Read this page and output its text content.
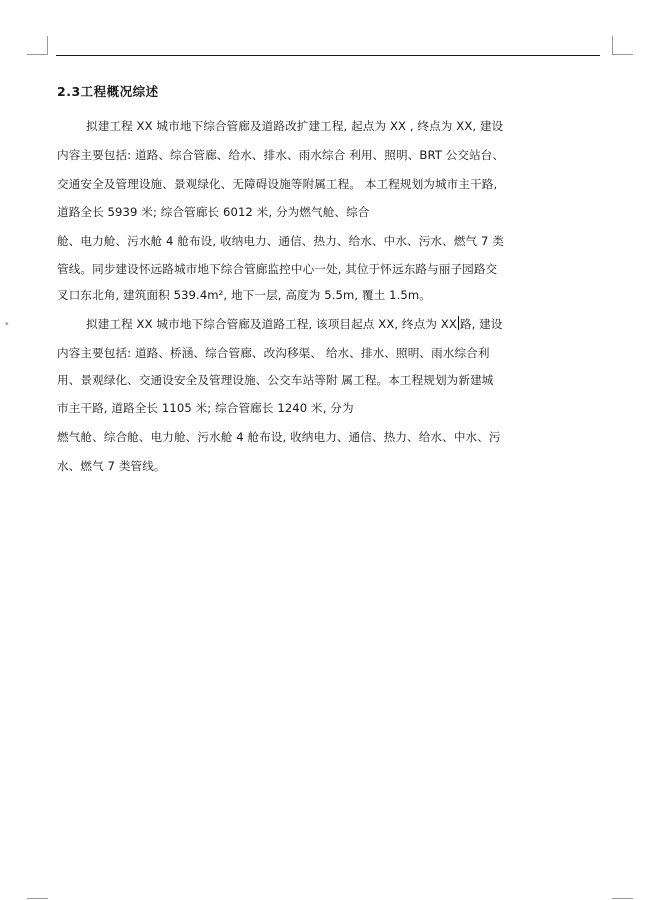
▾
2.3工程概况综述
拟建工程 XX 城市地下综合管廊及道路改扩建工程, 起点为 XX , 终点为 XX, 建设
内容主要包括: 道路、综合管廊、给水、排水、雨水综合 利用、照明、BRT 公交站台、
交通安全及管理设施、景观绿化、无障碍设施等附属工程。 本工程规划为城市主干路,
道路全长 5939 米; 综合管廊长 6012 米, 分为燃气舱、综合
舱、电力舱、污水舱 4 舱布设, 收纳电力、通信、热力、给水、中水、污水、燃气 7 类
管线。同步建设怀远路城市地下综合管廊监控中心一处, 其位于怀远东路与丽子园路交
叉口东北角, 建筑面积 539.4m², 地下一层, 高度为 5.5m, 覆土 1.5m。
拟建工程 XX 城市地下综合管廊及道路工程, 该项目起点 XX, 终点为 XX 路, 建设
内容主要包括: 道路、桥涵、综合管廊、改沟移渠、 给水、排水、照明、雨水综合利
用、景观绿化、交通设安全及管理设施、公交车站等附 属工程。本工程规划为新建城
市主干路, 道路全长 1105 米; 综合管廊长 1240 米, 分为
燃气舱、综合舱、电力舱、污水舱 4 舱布设, 收纳电力、通信、热力、给水、中水、污
水、燃气 7 类管线。
